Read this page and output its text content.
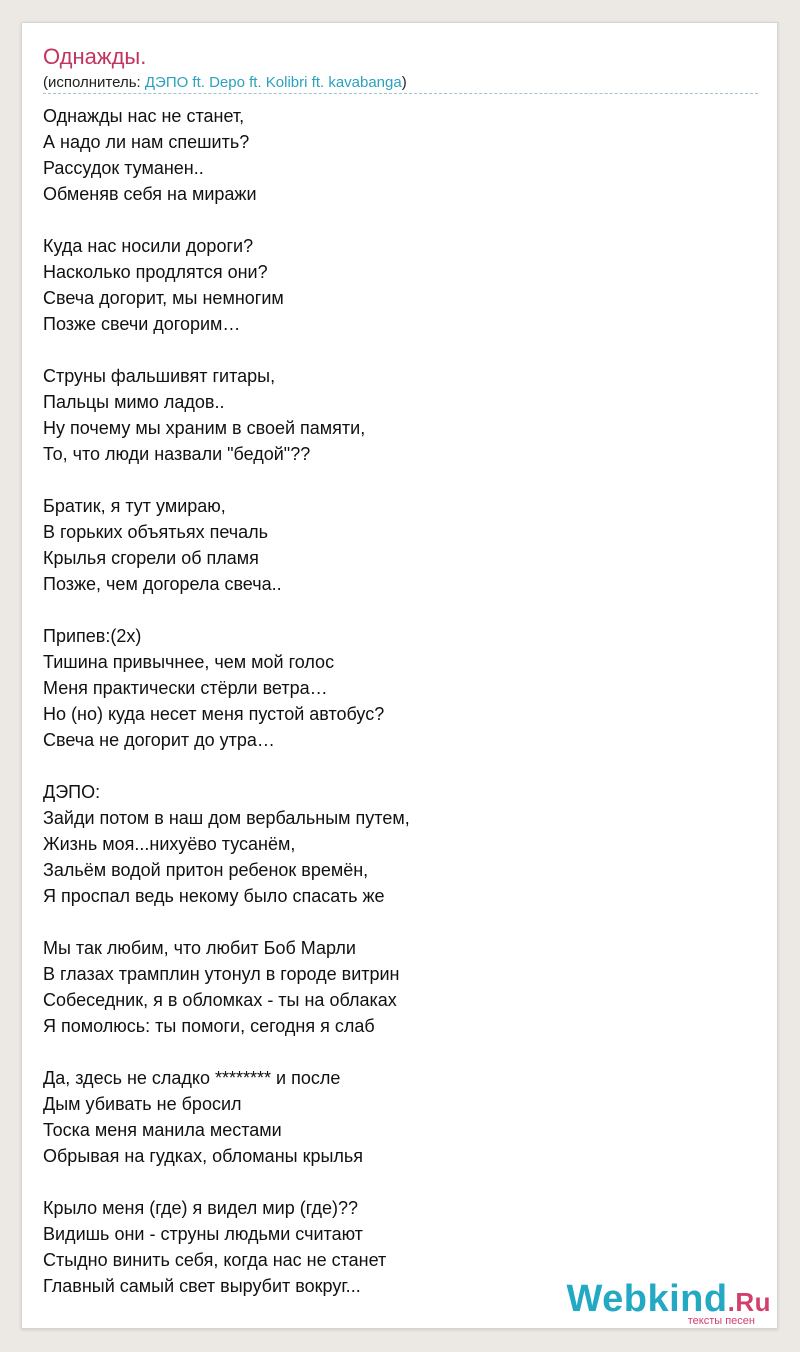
Однажды.
(исполнитель: ДЭПО ft. Depo ft. Kolibri ft. kavabanga)
Однажды нас не станет,
А надо ли нам спешить?
Рассудок туманен..
Обменяв себя на миражи
Куда нас носили дороги?
Насколько продлятся они?
Свеча догорит, мы немногим
Позже свечи догорим…
Струны фальшивят гитары,
Пальцы мимо ладов..
Ну почему мы храним в своей памяти,
То, что люди назвали "бедой"??
Братик, я тут умираю,
В горьких объятьях печаль
Крылья сгорели об пламя
Позже, чем догорела свеча..
Припев:(2x)
Тишина привычнее, чем мой голос
Меня практически стёрли ветра…
Но (но) куда несет меня пустой автобус?
Свеча не догорит до утра…
ДЭПО:
Зайди потом в наш дом вербальным путем,
Жизнь моя...нихуёво тусанём,
Зальём водой притон ребенок времён,
Я проспал ведь некому было спасать же
Мы так любим, что любит Боб Марли
В глазах трамплин утонул в городе витрин
Собеседник, я в обломках - ты на облаках
Я помолюсь: ты помоги, сегодня я слаб
Да, здесь не сладко ******** и после
Дым убивать не бросил
Тоска меня манила местами
Обрывая на гудках, обломаны крылья
Крыло меня (где) я видел мир (где)??
Видишь они - струны людьми считают
Стыдно винить себя, когда нас не станет
Главный самый свет вырубит вокруг...	Webkind.Ru
тексты песен
